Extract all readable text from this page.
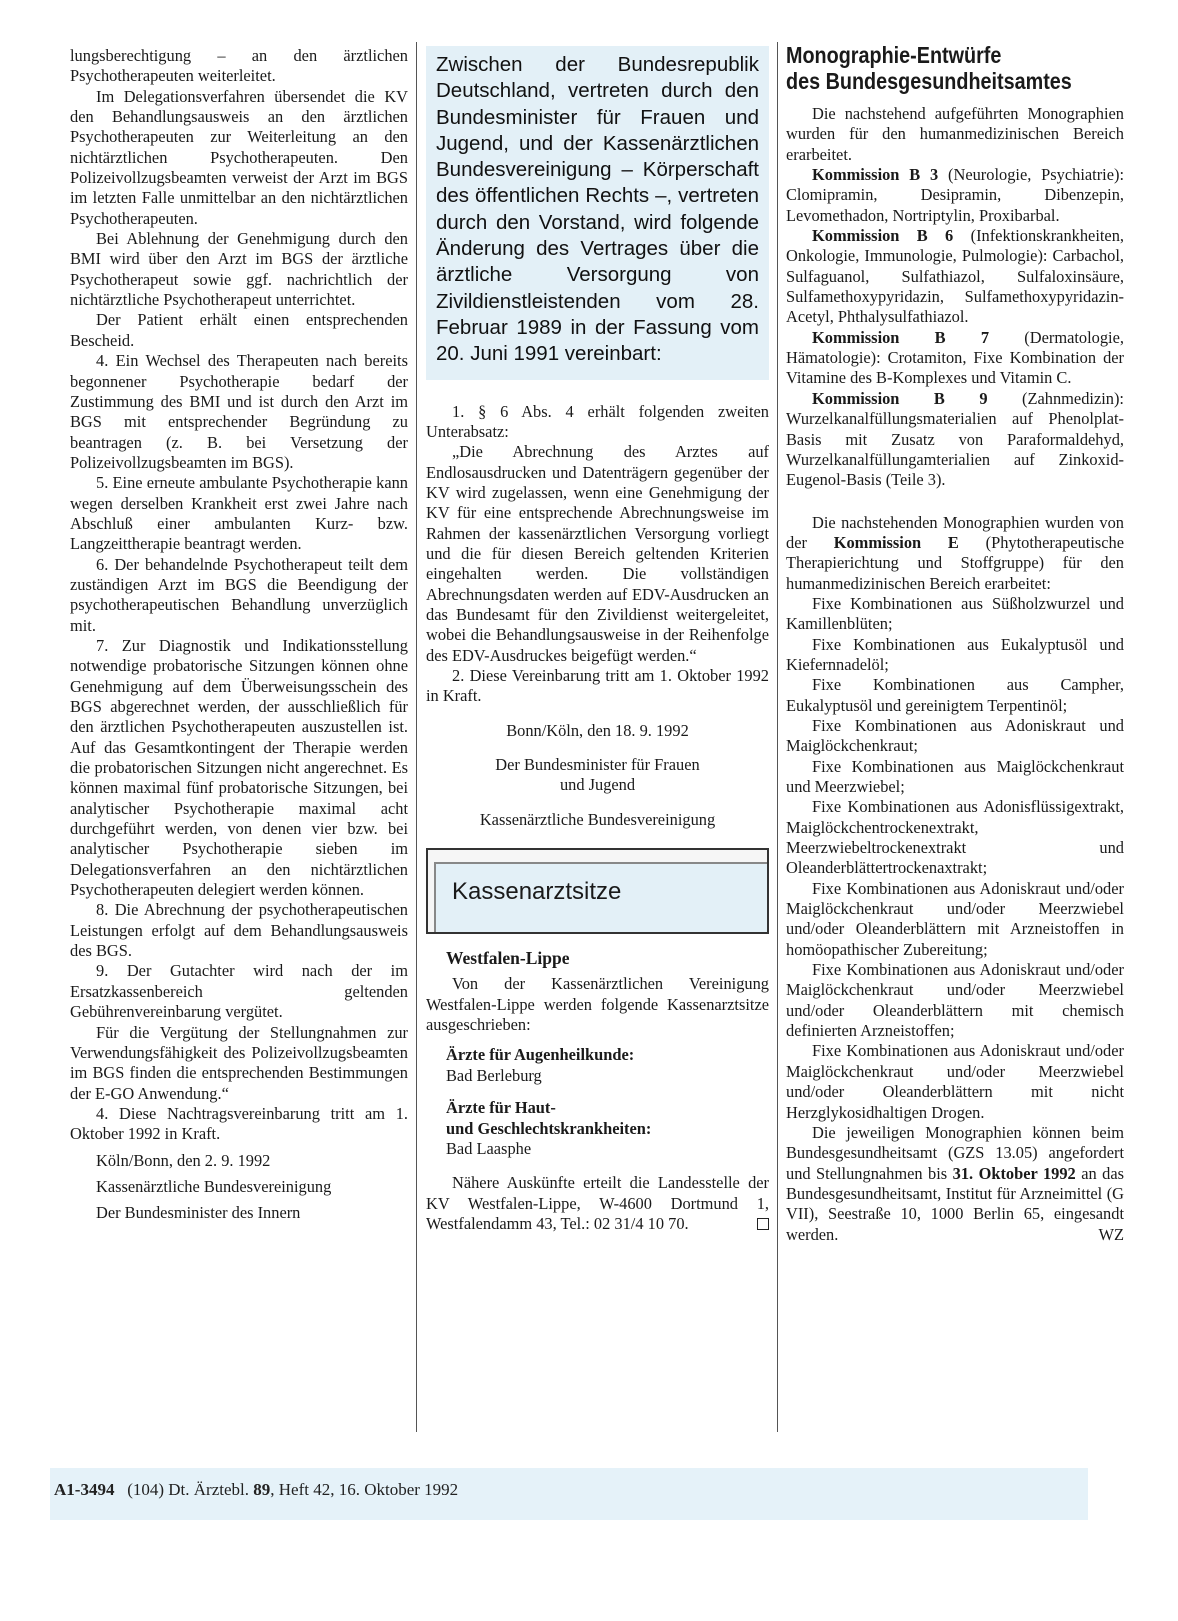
lungsberechtigung – an den ärztlichen Psychotherapeuten weiterleitet.

Im Delegationsverfahren übersendet die KV den Behandlungsausweis an den ärztlichen Psychotherapeuten zur Weiterleitung an den nichtärztlichen Psychotherapeuten. Den Polizeivollzugsbeamten verweist der Arzt im BGS im letzten Falle unmittelbar an den nichtärztlichen Psychotherapeuten.

Bei Ablehnung der Genehmigung durch den BMI wird über den Arzt im BGS der ärztliche Psychotherapeut sowie ggf. nachrichtlich der nichtärztliche Psychotherapeut unterrichtet.

Der Patient erhält einen entsprechenden Bescheid.

4. Ein Wechsel des Therapeuten nach bereits begonnener Psychotherapie bedarf der Zustimmung des BMI und ist durch den Arzt im BGS mit entsprechender Begründung zu beantragen (z. B. bei Versetzung der Polizeivollzugsbeamten im BGS).

5. Eine erneute ambulante Psychotherapie kann wegen derselben Krankheit erst zwei Jahre nach Abschluß einer ambulanten Kurz- bzw. Langzeittherapie beantragt werden.

6. Der behandelnde Psychotherapeut teilt dem zuständigen Arzt im BGS die Beendigung der psychotherapeutischen Behandlung unverzüglich mit.

7. Zur Diagnostik und Indikationsstellung notwendige probatorische Sitzungen können ohne Genehmigung auf dem Überweisungsschein des BGS abgerechnet werden, der ausschließlich für den ärztlichen Psychotherapeuten auszustellen ist. Auf das Gesamtkontingent der Therapie werden die probatorischen Sitzungen nicht angerechnet. Es können maximal fünf probatorische Sitzungen, bei analytischer Psychotherapie maximal acht durchgeführt werden, von denen vier bzw. bei analytischer Psychotherapie sieben im Delegationsverfahren an den nichtärztlichen Psychotherapeuten delegiert werden können.

8. Die Abrechnung der psychotherapeutischen Leistungen erfolgt auf dem Behandlungsausweis des BGS.

9. Der Gutachter wird nach der im Ersatzkassenbereich geltenden Gebührenvereinbarung vergütet.

Für die Vergütung der Stellungnahmen zur Verwendungsfähigkeit des Polizeivollzugsbeamten im BGS finden die entsprechenden Bestimmungen der E-GO Anwendung.“

4. Diese Nachtragsvereinbarung tritt am 1. Oktober 1992 in Kraft.

Köln/Bonn, den 2. 9. 1992

Kassenärztliche Bundesvereinigung

Der Bundesminister des Innern

Zwischen der Bundesrepublik Deutschland, vertreten durch den Bundesminister für Frauen und Jugend, und der Kassenärztlichen Bundesvereinigung – Körperschaft des öffentlichen Rechts –, vertreten durch den Vorstand, wird folgende Änderung des Vertrages über die ärztliche Versorgung von Zivildienstleistenden vom 28. Februar 1989 in der Fassung vom 20. Juni 1991 vereinbart:

1. § 6 Abs. 4 erhält folgenden zweiten Unterabsatz:

„Die Abrechnung des Arztes auf Endlosausdrucken und Datenträgern gegenüber der KV wird zugelassen, wenn eine Genehmigung der KV für eine entsprechende Abrechnungsweise im Rahmen der kassenärztlichen Versorgung vorliegt und die für diesen Bereich geltenden Kriterien eingehalten werden. Die vollständigen Abrechnungsdaten werden auf EDV-Ausdrucken an das Bundesamt für den Zivildienst weitergeleitet, wobei die Behandlungsausweise in der Reihenfolge des EDV-Ausdruckes beigefügt werden.“

2. Diese Vereinbarung tritt am 1. Oktober 1992 in Kraft.

Bonn/Köln, den 18. 9. 1992

Der Bundesminister für Frauen und Jugend

Kassenärztliche Bundesvereinigung

Kassenarztsitze

Westfalen-Lippe

Von der Kassenärztlichen Vereinigung Westfalen-Lippe werden folgende Kassenarztsitze ausgeschrieben:

Ärzte für Augenheilkunde:

Bad Berleburg

Ärzte für Haut-

und Geschlechtskrankheiten:

Bad Laasphe

Nähere Auskünfte erteilt die Landesstelle der KV Westfalen-Lippe, W-4600 Dortmund 1, Westfalendamm 43, Tel.: 02 31/4 10 70.

Monographie-Entwürfe
des Bundesgesundheitsamtes

Die nachstehend aufgeführten Monographien wurden für den humanmedizinischen Bereich erarbeitet.

Kommission B 3 (Neurologie, Psychiatrie): Clomipramin, Desipramin, Dibenzepin, Levomethadon, Nortriptylin, Proxibarbal.

Kommission B 6 (Infektionskrankheiten, Onkologie, Immunologie, Pulmologie): Carbachol, Sulfaguanol, Sulfathiazol, Sulfaloxinsäure, Sulfamethoxypyridazin, Sulfamethoxypyridazin-Acetyl, Phthalysulfathiazol.

Kommission B 7 (Dermatologie, Hämatologie): Crotamiton, Fixe Kombination der Vitamine des B-Komplexes und Vitamin C.

Kommission B 9 (Zahnmedizin): Wurzelkanalfüllungsmaterialien auf Phenolplat-Basis mit Zusatz von Paraformaldehyd, Wurzelkanalfüllungamterialien auf Zinkoxid-Eugenol-Basis (Teile 3).

Die nachstehenden Monographien wurden von der Kommission E (Phytotherapeutische Therapierichtung und Stoffgruppe) für den humanmedizinischen Bereich erarbeitet:

Fixe Kombinationen aus Süßholzwurzel und Kamillenblüten;

Fixe Kombinationen aus Eukalyptusöl und Kiefernnadelöl;

Fixe Kombinationen aus Campher, Eukalyptusöl und gereinigtem Terpentinöl;

Fixe Kombinationen aus Adoniskraut und Maiglöckchenkraut;

Fixe Kombinationen aus Maiglöckchenkraut und Meerzwiebel;

Fixe Kombinationen aus Adonisflüssigextrakt, Maiglöckchentrockenextrakt, Meerzwiebeltrockenextrakt und Oleanderblättertrockenaxtrakt;

Fixe Kombinationen aus Adoniskraut und/oder Maiglöckchenkraut und/oder Meerzwiebel und/oder Oleanderblättern mit Arzneistoffen in homöopathischer Zubereitung;

Fixe Kombinationen aus Adoniskraut und/oder Maiglöckchenkraut und/oder Meerzwiebel und/oder Oleanderblättern mit chemisch definierten Arzneistoffen;

Fixe Kombinationen aus Adoniskraut und/oder Maiglöckchenkraut und/oder Meerzwiebel und/oder Oleanderblättern mit nicht Herzglykosidhaltigen Drogen.

Die jeweiligen Monographien können beim Bundesgesundheitsamt (GZS 13.05) angefordert und Stellungnahmen bis 31. Oktober 1992 an das Bundesgesundheitsamt, Institut für Arzneimittel (G VII), Seestraße 10, 1000 Berlin 65, eingesandt werden.	WZ

A1-3494 (104) Dt. Ärztebl. 89, Heft 42, 16. Oktober 1992
